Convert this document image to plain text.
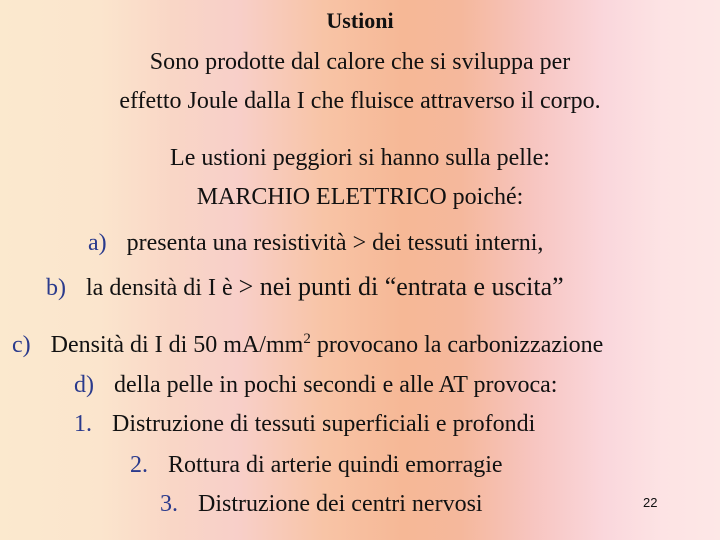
Ustioni
Sono prodotte dal calore che si sviluppa per
effetto Joule dalla I che fluisce attraverso il corpo.
Le ustioni peggiori si hanno sulla pelle:
MARCHIO ELETTRICO poiché:
a) presenta una resistività > dei tessuti interni,
b) la densità di I è > nei punti di “entrata e uscita”
c) Densità di I di 50 $mA/mm^2$ provocano la carbonizzazione
d) della pelle in pochi secondi e alle AT provoca:
1. Distruzione di tessuti superficiali e profondi
2. Rottura di arterie quindi emorragie
3. Distruzione dei centri nervosi	22
